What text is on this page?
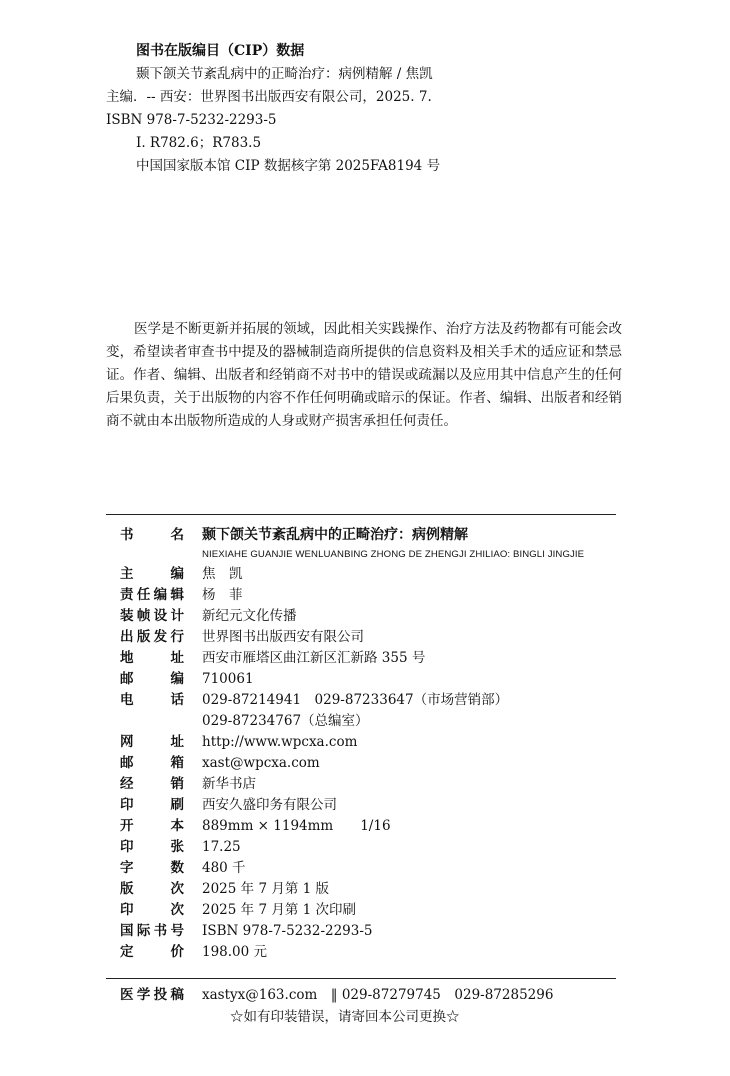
图书在版编目（CIP）数据
颞下颌关节紊乱病中的正畸治疗：病例精解 / 焦凯
主编．-- 西安：世界图书出版西安有限公司，2025. 7.
ISBN 978-7-5232-2293-5
Ⅰ. R782.6；R783.5
中国国家版本馆 CIP 数据核字第 2025FA8194 号

医学是不断更新并拓展的领域，因此相关实践操作、治疗方法及药物都有可能会改变，希望读者审查书中提及的器械制造商所提供的信息资料及相关手术的适应证和禁忌证。作者、编辑、出版者和经销商不对书中的错误或疏漏以及应用其中信息产生的任何后果负责，关于出版物的内容不作任何明确或暗示的保证。作者、编辑、出版者和经销商不就由本出版物所造成的人身或财产损害承担任何责任。

书名	颞下颌关节紊乱病中的正畸治疗：病例精解
NIEXIAHE GUANJIE WENLUANBING ZHONG DE ZHENGJI ZHILIAO: BINGLI JINGJIE
主编	焦　凯
责任编辑	杨　菲
装帧设计	新纪元文化传播
出版发行	世界图书出版西安有限公司
地址	西安市雁塔区曲江新区汇新路 355 号
邮编	710061
电话	029-87214941　029-87233647（市场营销部）
029-87234767（总编室）
网址	http://www.wpcxa.com
邮箱	xast@wpcxa.com
经销	新华书店
印刷	西安久盛印务有限公司
开本	889mm × 1194mm　　1/16
印张	17.25
字数	480 千
版次	2025 年 7 月第 1 版
印次	2025 年 7 月第 1 次印刷
国际书号	ISBN 978-7-5232-2293-5
定价	198.00 元
医学投稿	xastyx@163.com　‖ 029-87279745　029-87285296
☆如有印装错误，请寄回本公司更换☆
